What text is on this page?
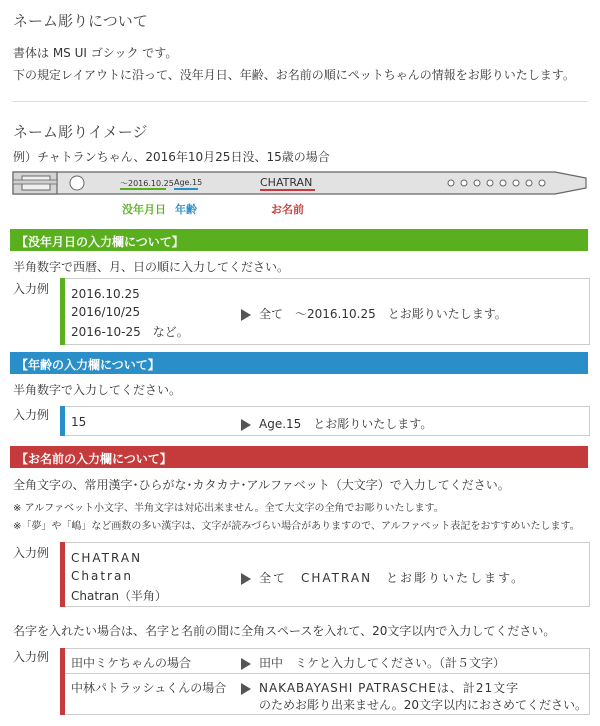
ネーム彫りについて
書体は MS UI ゴシック です。
下の規定レイアウトに沿って、没年月日、年齢、お名前の順にペットちゃんの情報をお彫りいたします。
ネーム彫りイメージ
例）チャトランちゃん、2016年10月25日没、15歳の場合
～2016.10.25 Age.15	CHATRAN
没年月日 年齢	お名前
【没年月日の入力欄について】
半角数字で西暦、月、日の順に入力してください。
入力例 2016.10.25
2016/10/25
2016-10-25　など。
全て　～2016.10.25　とお彫りいたします。
【年齢の入力欄について】
半角数字で入力してください。
入力例 15	Age.15　とお彫りいたします。
【お名前の入力欄について】
全角文字の、常用漢字･ひらがな･カタカナ･アルファベット（大文字）で入力してください。
※ アルファベット小文字、半角文字は対応出来ません。全て大文字の全角でお彫りいたします。
※「夢」や「嶋」など画数の多い漢字は、文字が読みづらい場合がありますので、アルファベット表記をおすすめいたします。
入力例 CHATRAN
Chatran
Chatran（半角）
全て　CHATRAN　とお彫りいたします。
名字を入れたい場合は、名字と名前の間に全角スペースを入れて、20文字以内で入力してください。
入力例 田中ミケちゃんの場合	田中　ミケと入力してください。（計５文字）
中林パトラッシュくんの場合	NAKABAYASHI PATRASCHEは、計21文字
のためお彫り出来ません。20文字以内におさめてください。
